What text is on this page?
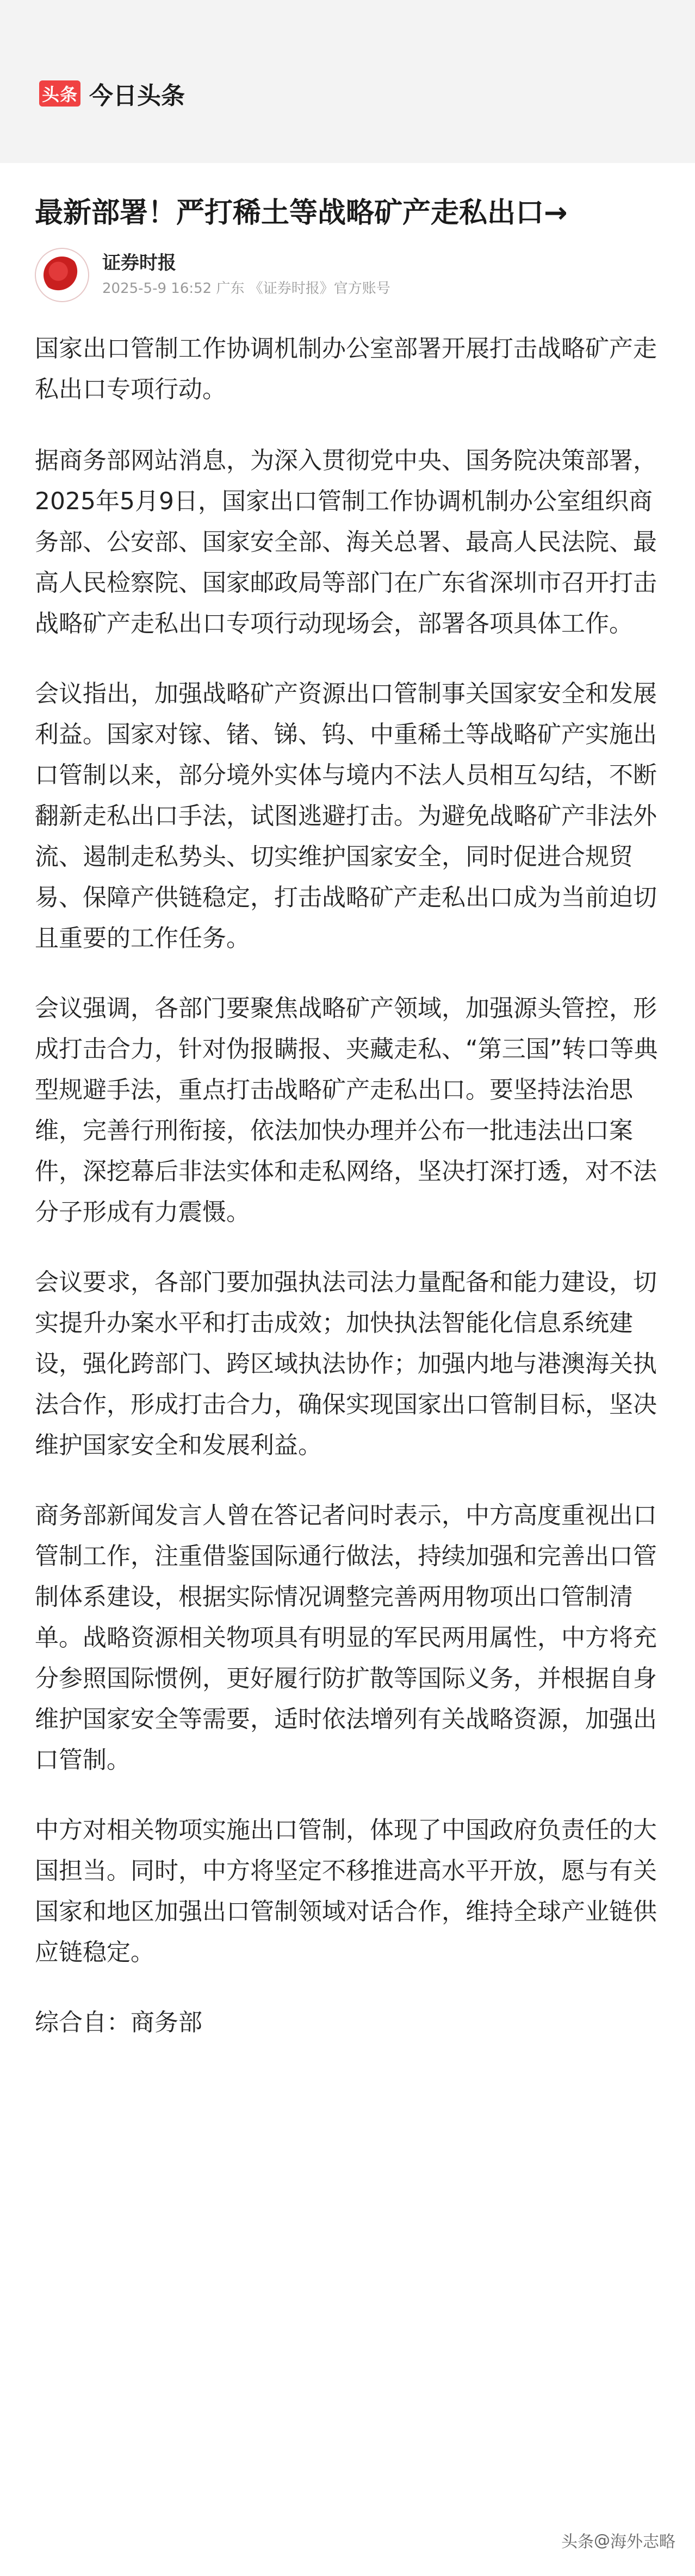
头条 今日头条
最新部署！严打稀土等战略矿产走私出口→
证券时报
2025-5-9 16:52 广东 《证券时报》官方账号

国家出口管制工作协调机制办公室部署开展打击战略矿产走私出口专项行动。

据商务部网站消息，为深入贯彻党中央、国务院决策部署，2025年5月9日，国家出口管制工作协调机制办公室组织商务部、公安部、国家安全部、海关总署、最高人民法院、最高人民检察院、国家邮政局等部门在广东省深圳市召开打击战略矿产走私出口专项行动现场会，部署各项具体工作。

会议指出，加强战略矿产资源出口管制事关国家安全和发展利益。国家对镓、锗、锑、钨、中重稀土等战略矿产实施出口管制以来，部分境外实体与境内不法人员相互勾结，不断翻新走私出口手法，试图逃避打击。为避免战略矿产非法外流、遏制走私势头、切实维护国家安全，同时促进合规贸易、保障产供链稳定，打击战略矿产走私出口成为当前迫切且重要的工作任务。

会议强调，各部门要聚焦战略矿产领域，加强源头管控，形成打击合力，针对伪报瞒报、夹藏走私、“第三国”转口等典型规避手法，重点打击战略矿产走私出口。要坚持法治思维，完善行刑衔接，依法加快办理并公布一批违法出口案件，深挖幕后非法实体和走私网络，坚决打深打透，对不法分子形成有力震慑。

会议要求，各部门要加强执法司法力量配备和能力建设，切实提升办案水平和打击成效；加快执法智能化信息系统建设，强化跨部门、跨区域执法协作；加强内地与港澳海关执法合作，形成打击合力，确保实现国家出口管制目标，坚决维护国家安全和发展利益。

商务部新闻发言人曾在答记者问时表示，中方高度重视出口管制工作，注重借鉴国际通行做法，持续加强和完善出口管制体系建设，根据实际情况调整完善两用物项出口管制清单。战略资源相关物项具有明显的军民两用属性，中方将充分参照国际惯例，更好履行防扩散等国际义务，并根据自身维护国家安全等需要，适时依法增列有关战略资源，加强出口管制。

中方对相关物项实施出口管制，体现了中国政府负责任的大国担当。同时，中方将坚定不移推进高水平开放，愿与有关国家和地区加强出口管制领域对话合作，维持全球产业链供应链稳定。

综合自：商务部

头条 @ 海外志略
